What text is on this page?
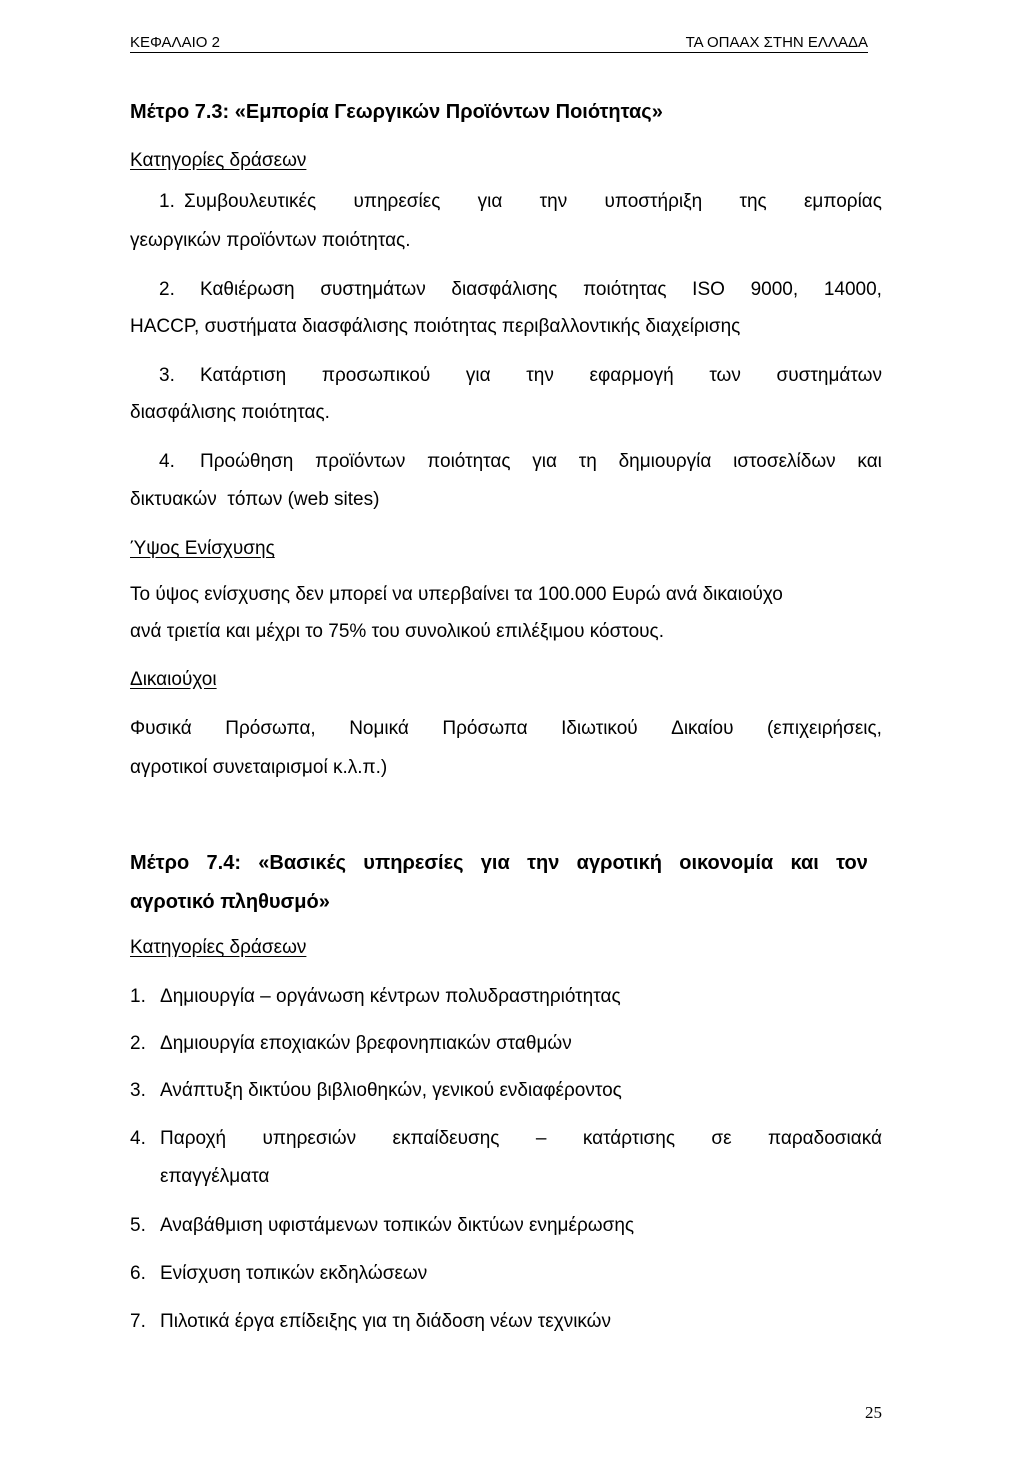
ΚΕΦΑΛΑΙΟ 2	ΤΑ ΟΠΑΑΧ ΣΤΗΝ ΕΛΛΑΔΑ
Μέτρο 7.3: «Εμπορία Γεωργικών Προϊόντων Ποιότητας»
Κατηγορίες δράσεων
1. Συμβουλευτικές υπηρεσίες για την υποστήριξη της εμπορίας
γεωργικών προϊόντων ποιότητας.
2. Καθιέρωση συστημάτων διασφάλισης ποιότητας ISO 9000, 14000,
HACCP, συστήματα διασφάλισης ποιότητας περιβαλλοντικής διαχείρισης
3. Κατάρτιση προσωπικού για την εφαρμογή των συστημάτων
διασφάλισης ποιότητας.
4. Προώθηση προϊόντων ποιότητας για τη δημιουργία ιστοσελίδων και
δικτυακών  τόπων (web sites)
Ύψος Ενίσχυσης
Το ύψος ενίσχυσης δεν μπορεί να υπερβαίνει τα 100.000 Ευρώ ανά δικαιούχο
ανά τριετία και μέχρι το 75% του συνολικού επιλέξιμου κόστους.
Δικαιούχοι
Φυσικά Πρόσωπα, Νομικά Πρόσωπα Ιδιωτικού Δικαίου (επιχειρήσεις,
αγροτικοί συνεταιρισμοί κ.λ.π.)
Μέτρο 7.4: «Βασικές υπηρεσίες για την αγροτική οικονομία και τον
αγροτικό πληθυσμό»
Κατηγορίες δράσεων
1. Δημιουργία – οργάνωση κέντρων πολυδραστηριότητας
2. Δημιουργία εποχιακών βρεφονηπιακών σταθμών
3. Ανάπτυξη δικτύου βιβλιοθηκών, γενικού ενδιαφέροντος
4. Παροχή υπηρεσιών εκπαίδευσης – κατάρτισης σε παραδοσιακά
επαγγέλματα
5. Αναβάθμιση υφιστάμενων τοπικών δικτύων ενημέρωσης
6. Ενίσχυση τοπικών εκδηλώσεων
7. Πιλοτικά έργα επίδειξης για τη διάδοση νέων τεχνικών
25
